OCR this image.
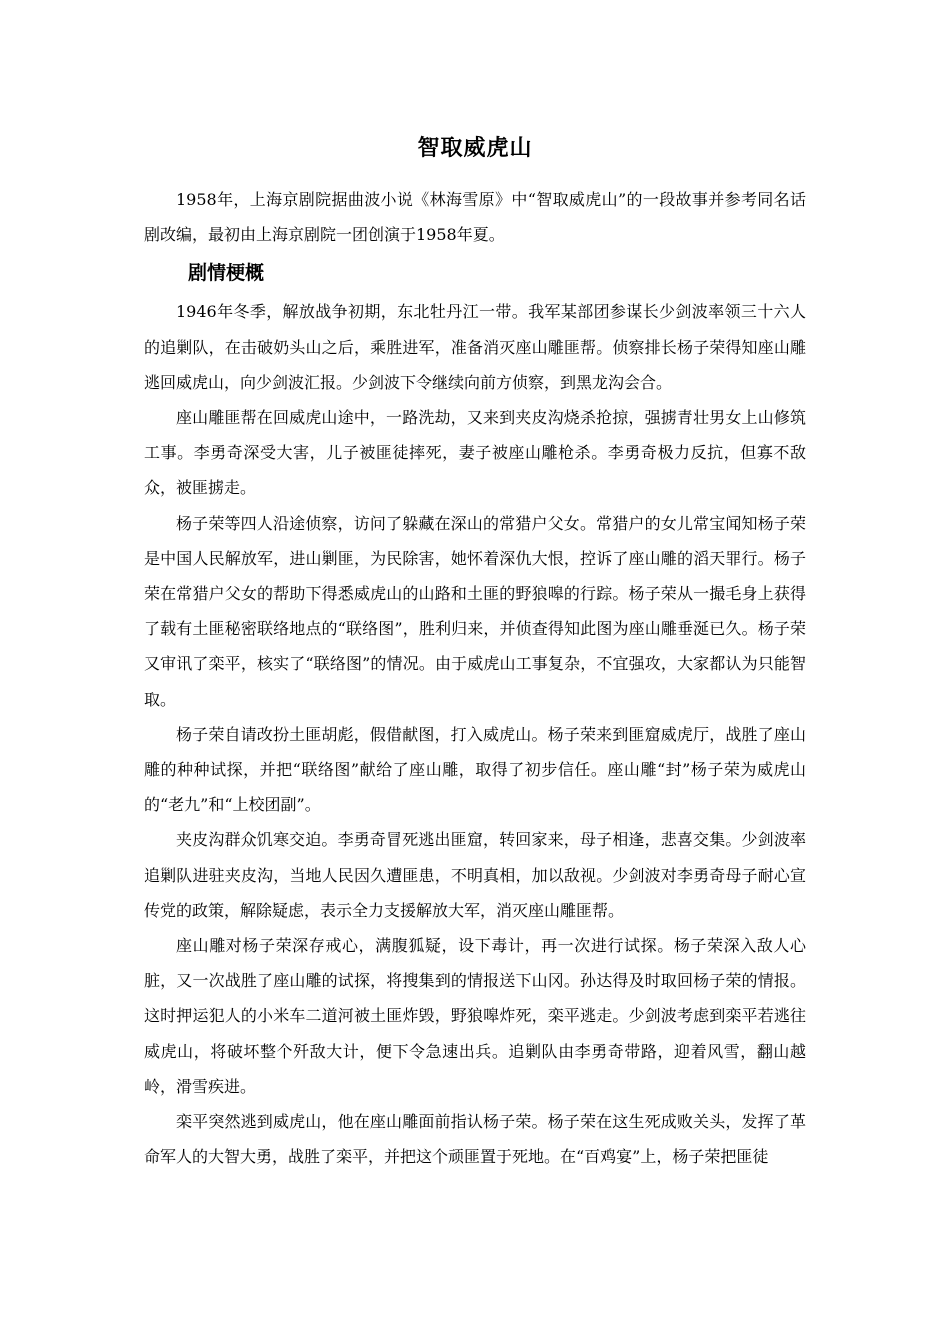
智取威虎山

1958年，上海京剧院据曲波小说《林海雪原》中“智取威虎山”的一段故事并参考同名话剧改编，最初由上海京剧院一团创演于1958年夏。

剧情梗概

1946年冬季，解放战争初期，东北牡丹江一带。我军某部团参谋长少剑波率领三十六人的追剿队，在击破奶头山之后，乘胜进军，准备消灭座山雕匪帮。侦察排长杨子荣得知座山雕逃回威虎山，向少剑波汇报。少剑波下令继续向前方侦察，到黑龙沟会合。

座山雕匪帮在回威虎山途中，一路洗劫，又来到夹皮沟烧杀抢掠，强掳青壮男女上山修筑工事。李勇奇深受大害，儿子被匪徒摔死，妻子被座山雕枪杀。李勇奇极力反抗，但寡不敌众，被匪掳走。

杨子荣等四人沿途侦察，访问了躲藏在深山的常猎户父女。常猎户的女儿常宝闻知杨子荣是中国人民解放军，进山剿匪，为民除害，她怀着深仇大恨，控诉了座山雕的滔天罪行。杨子荣在常猎户父女的帮助下得悉威虎山的山路和土匪的野狼嗥的行踪。杨子荣从一撮毛身上获得了载有土匪秘密联络地点的“联络图”，胜利归来，并侦查得知此图为座山雕垂涎已久。杨子荣又审讯了栾平，核实了“联络图”的情况。由于威虎山工事复杂，不宜强攻，大家都认为只能智取。

杨子荣自请改扮土匪胡彪，假借献图，打入威虎山。杨子荣来到匪窟威虎厅，战胜了座山雕的种种试探，并把“联络图”献给了座山雕，取得了初步信任。座山雕“封”杨子荣为威虎山的“老九”和“上校团副”。

夹皮沟群众饥寒交迫。李勇奇冒死逃出匪窟，转回家来，母子相逢，悲喜交集。少剑波率追剿队进驻夹皮沟，当地人民因久遭匪患，不明真相，加以敌视。少剑波对李勇奇母子耐心宣传党的政策，解除疑虑，表示全力支援解放大军，消灭座山雕匪帮。

座山雕对杨子荣深存戒心，满腹狐疑，设下毒计，再一次进行试探。杨子荣深入敌人心脏，又一次战胜了座山雕的试探，将搜集到的情报送下山冈。孙达得及时取回杨子荣的情报。这时押运犯人的小米车二道河被土匪炸毁，野狼嗥炸死，栾平逃走。少剑波考虑到栾平若逃往威虎山，将破坏整个歼敌大计，便下令急速出兵。追剿队由李勇奇带路，迎着风雪，翻山越岭，滑雪疾进。

栾平突然逃到威虎山，他在座山雕面前指认杨子荣。杨子荣在这生死成败关头，发挥了革命军人的大智大勇，战胜了栾平，并把这个顽匪置于死地。在“百鸡宴”上，杨子荣把匪徒
